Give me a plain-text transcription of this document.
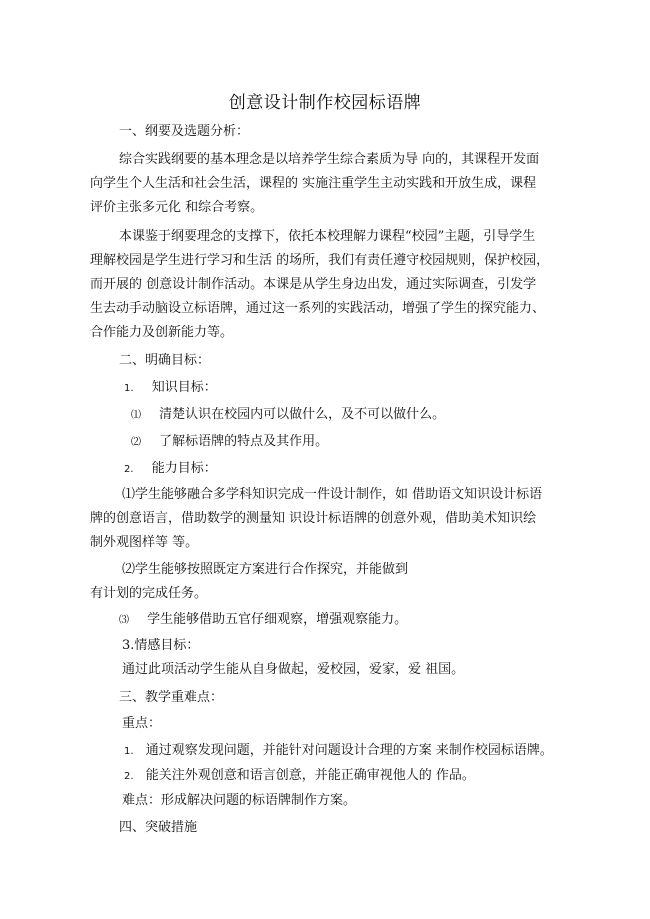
创意设计制作校园标语牌
一、纲要及选题分析：
综合实践纲要的基本理念是以培养学生综合素质为导 向的，其课程开发面
向学生个人生活和社会生活，课程的 实施注重学生主动实践和开放生成，课程
评价主张多元化 和综合考察。
本课鉴于纲要理念的支撑下，依托本校理解力课程“校园”主题，引导学生
理解校园是学生进行学习和生活 的场所，我们有责任遵守校园规则，保护校园，
而开展的 创意设计制作活动。本课是从学生身边出发，通过实际调查，引发学
生去动手动脑设立标语牌，通过这一系列的实践活动，增强了学生的探究能力、
合作能力及创新能力等。
二、明确目标：
1. 知识目标：
⑴ 清楚认识在校园内可以做什么，及不可以做什么。
⑵ 了解标语牌的特点及其作用。
2. 能力目标：
⑴学生能够融合多学科知识完成一件设计制作，如 借助语文知识设计标语
牌的创意语言，借助数学的测量知 识设计标语牌的创意外观，借助美术知识绘
制外观图样等 等。
⑵学生能够按照既定方案进行合作探究，并能做到
有计划的完成任务。
⑶ 学生能够借助五官仔细观察，增强观察能力。
3.情感目标：
通过此项活动学生能从自身做起，爱校园，爱家，爱 祖国。
三、教学重难点：
重点：
1. 通过观察发现问题，并能针对问题设计合理的方案 来制作校园标语牌。
2. 能关注外观创意和语言创意，并能正确审视他人的 作品。
难点：形成解决问题的标语牌制作方案。
四、突破措施
